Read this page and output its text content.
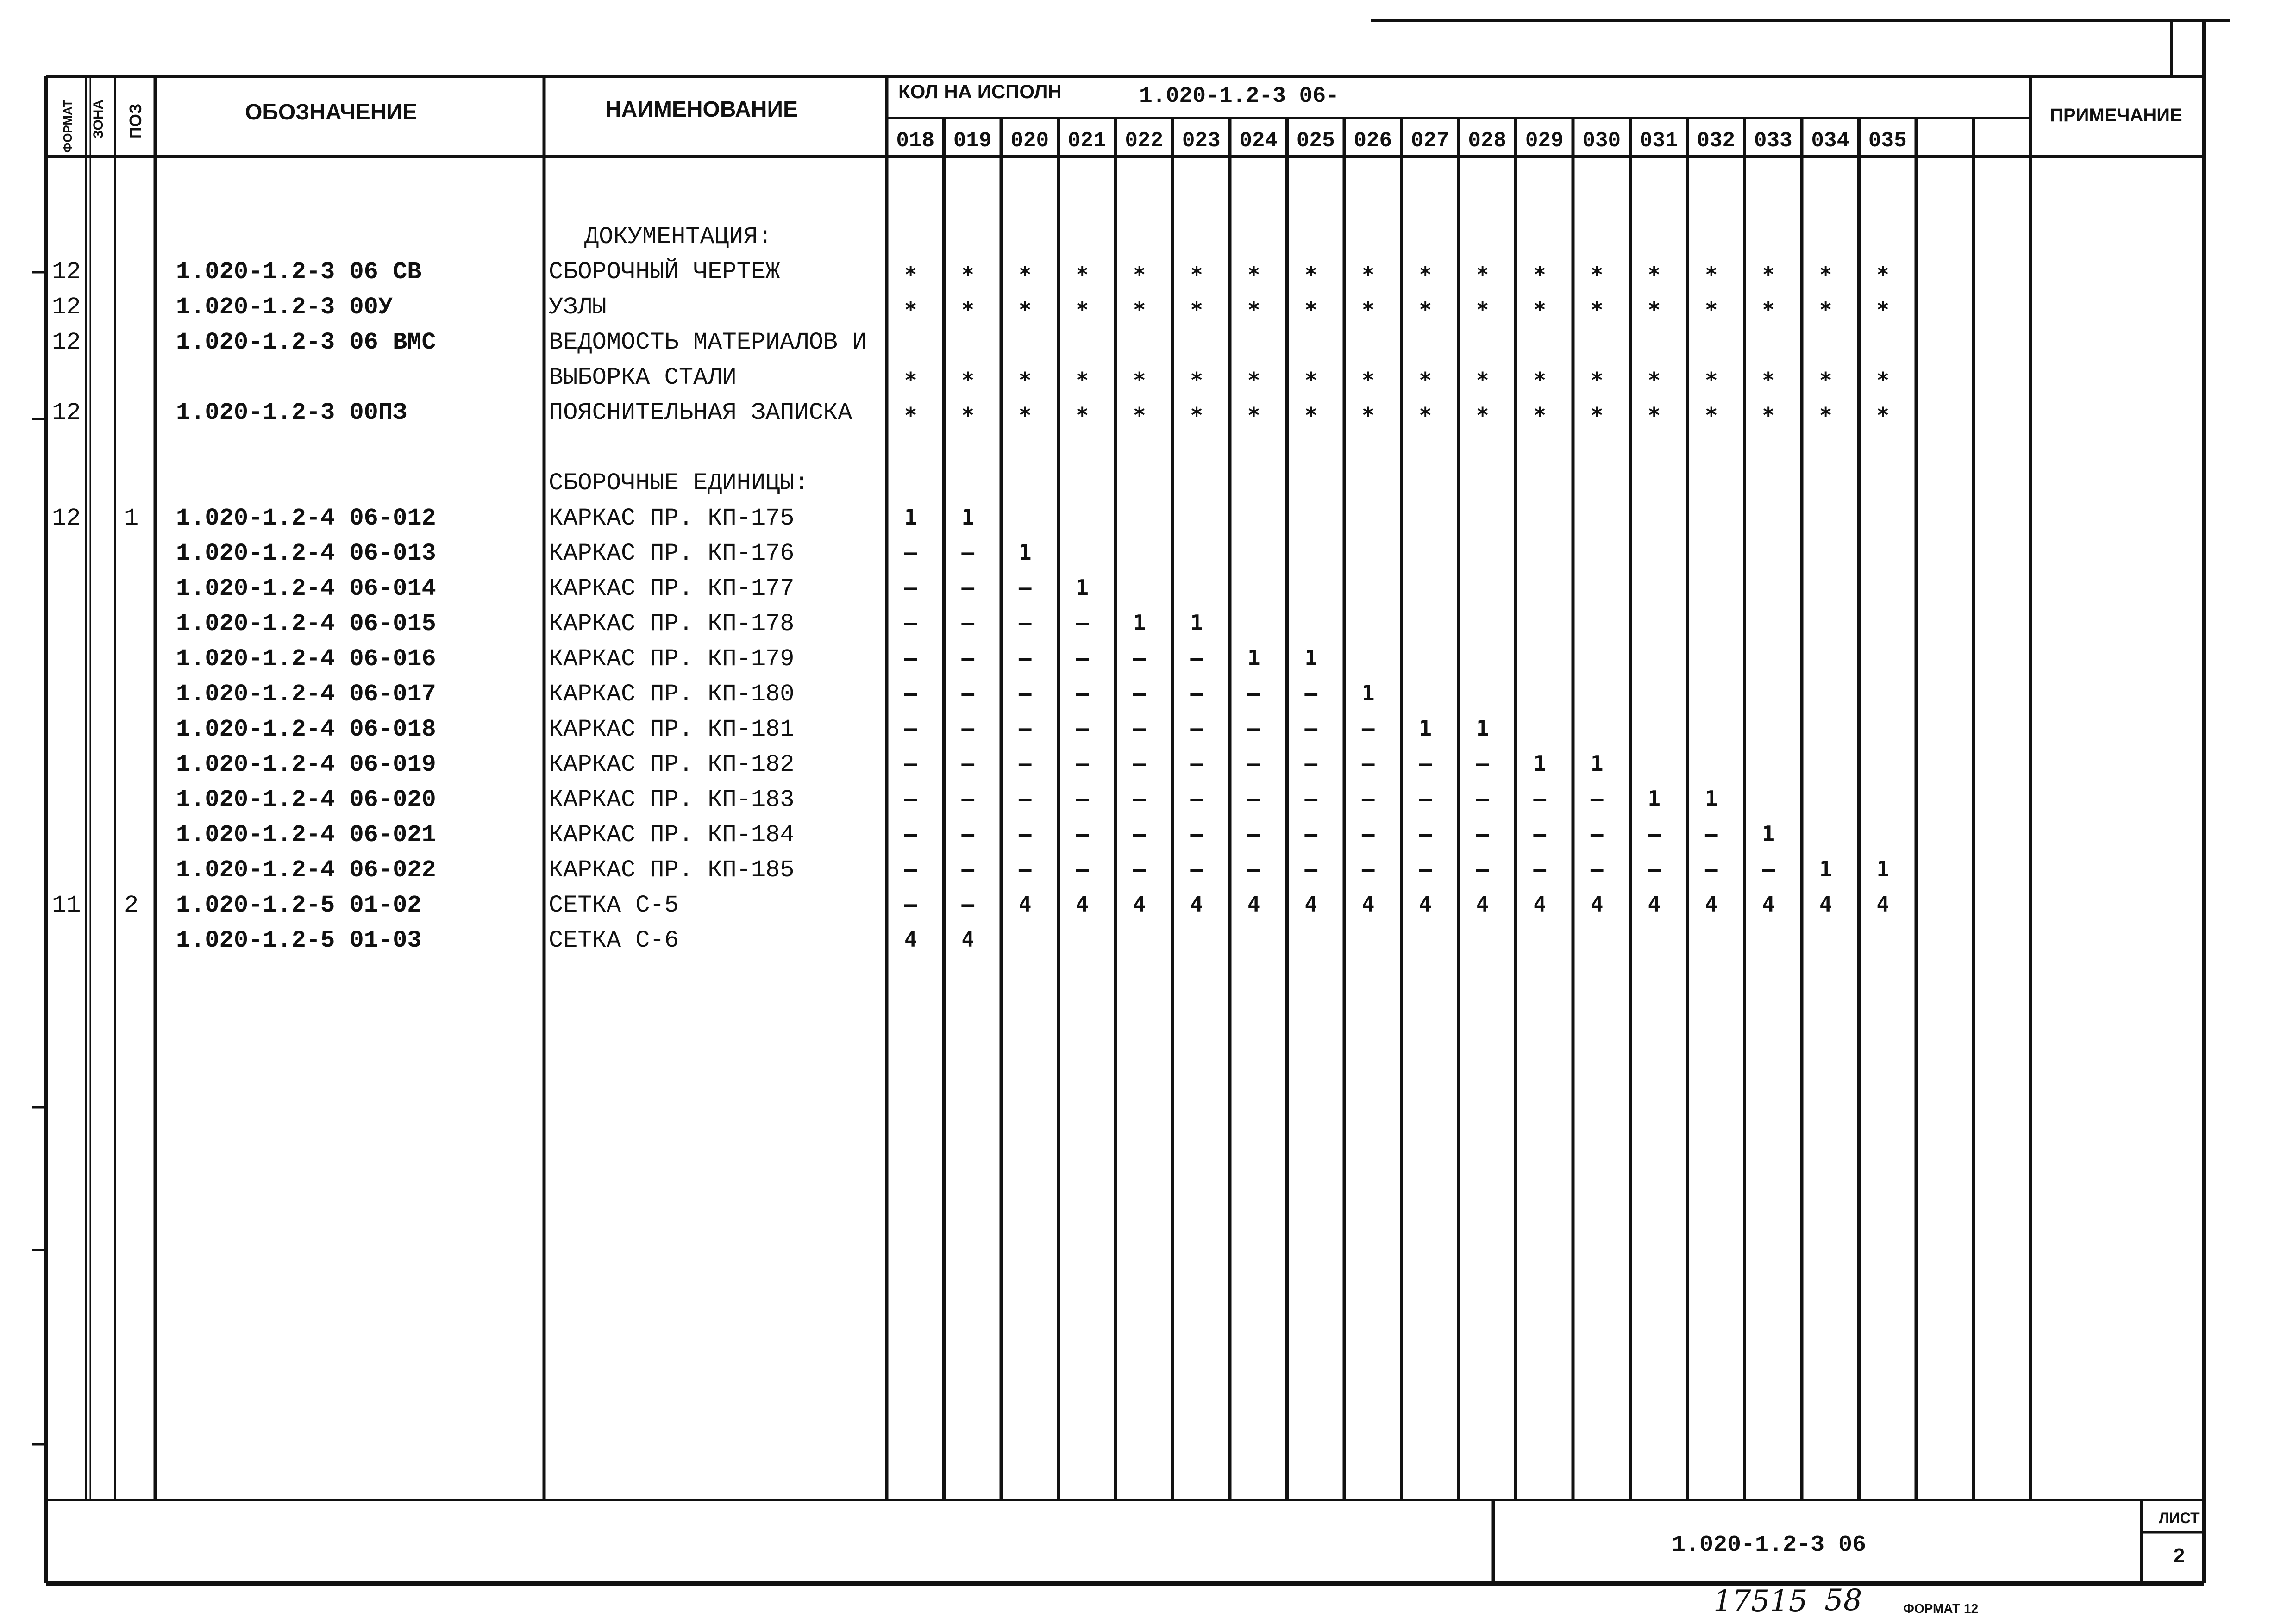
ФОРМАТ ЗОНА ПОЗ	ОБОЗНАЧЕНИЕ	НАИМЕНОВАНИЕ
КОЛ НА ИСПОЛН	1.020-1.2-3 06-
ПРИМЕЧАНИЕ
018 019 020 021 022 023 024 025 026 027 028 029 030 031 032 033 034 035
ДОКУМЕНТАЦИЯ:
12	1.020-1.2-3 06 СВ	СБОРОЧНЫЙ ЧЕРТЕЖ	* * * * * * * * * * * * * * * * * *
12	1.020-1.2-3 00У	УЗЛЫ	* * * * * * * * * * * * * * * * * *
12	1.020-1.2-3 06 ВМС	ВЕДОМОСТЬ МАТЕРИАЛОВ И
ВЫБОРКА СТАЛИ	* * * * * * * * * * * * * * * * * *
12	1.020-1.2-3 00ПЗ	ПОЯСНИТЕЛЬНАЯ ЗАПИСКА * * * * * * * * * * * * * * * * * *
СБОРОЧНЫЕ ЕДИНИЦЫ:
12 1 1.020-1.2-4 06-012	КАРКАС ПР. КП-175	1 1
1.020-1.2-4 06-013	КАРКАС ПР. КП-176	– – 1
1.020-1.2-4 06-014	КАРКАС ПР. КП-177	– – – 1
1.020-1.2-4 06-015	КАРКАС ПР. КП-178	– – – – 1 1
1.020-1.2-4 06-016	КАРКАС ПР. КП-179	– – – – – – 1 1
1.020-1.2-4 06-017	КАРКАС ПР. КП-180	– – – – – – – – 1
1.020-1.2-4 06-018	КАРКАС ПР. КП-181	– – – – – – – – – 1 1
1.020-1.2-4 06-019	КАРКАС ПР. КП-182	– – – – – – – – – – – 1 1
1.020-1.2-4 06-020	КАРКАС ПР. КП-183	– – – – – – – – – – – – – 1 1
1.020-1.2-4 06-021	КАРКАС ПР. КП-184	– – – – – – – – – – – – – – – 1
1.020-1.2-4 06-022	КАРКАС ПР. КП-185	– – – – – – – – – – – – – – – – 1 1
11 2 1.020-1.2-5 01-02	СЕТКА С-5	– – 4 4 4 4 4 4 4 4 4 4 4 4 4 4 4 4
1.020-1.2-5 01-03	СЕТКА С-6	4 4
1.020-1.2-3 06
ЛИСТ
2
17515 58	ФОРМАТ 12
